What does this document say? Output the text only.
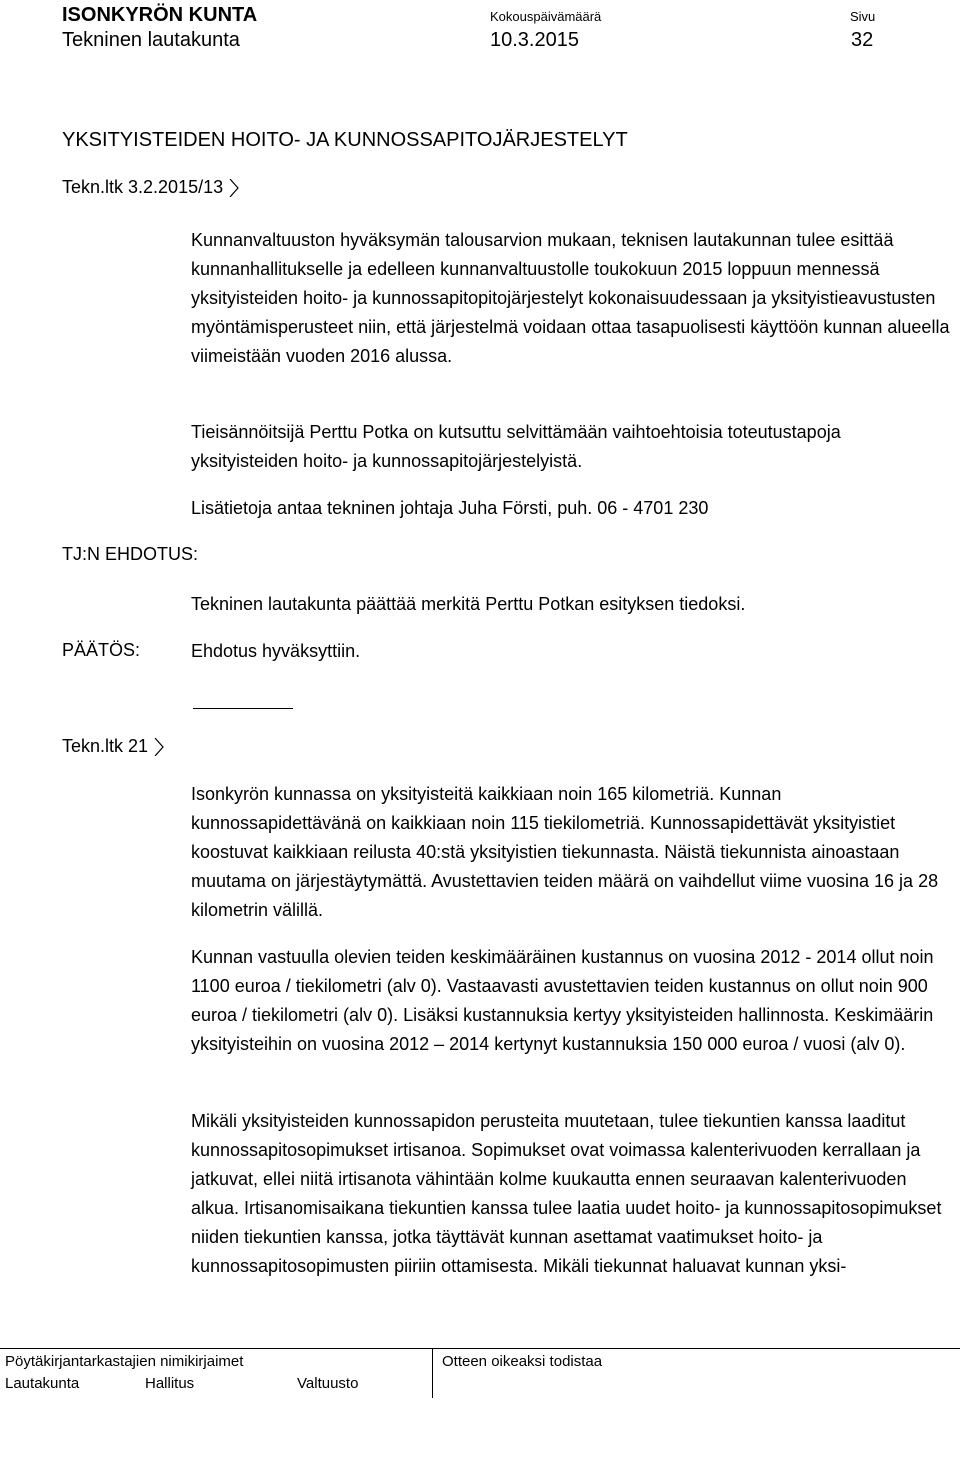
ISONKYRÖN KUNTA
Tekninen lautakunta
Kokouspäivämäärä
10.3.2015
Sivu
32
YKSITYISTEIDEN HOITO- JA KUNNOSSAPITOJÄRJESTELYT
Tekn.ltk 3.2.2015/13

Kunnanvaltuuston hyväksymän talousarvion mukaan, teknisen lautakunnan tulee esittää kunnanhallitukselle ja edelleen kunnanvaltuustolle toukokuun 2015 loppuun mennessä yksityisteiden hoito- ja kunnossapitopitojärjestelyt kokonaisuudessaan ja yksityistieavustusten myöntämisperusteet niin, että järjestelmä voidaan ottaa tasapuolisesti käyttöön kunnan alueella viimeistään vuoden 2016 alussa.

Tieisännöitsijä Perttu Potka on kutsuttu selvittämään vaihtoehtoisia toteutustapoja yksityisteiden hoito- ja kunnossapitojärjestelyistä.

Lisätietoja antaa tekninen johtaja Juha Försti, puh. 06 - 4701 230

TJ:N EHDOTUS:

Tekninen lautakunta päättää merkitä Perttu Potkan esityksen tiedoksi.

PÄÄTÖS:	Ehdotus hyväksyttiin.

Tekn.ltk 21

Isonkyrön kunnassa on yksityisteitä kaikkiaan noin 165 kilometriä. Kunnan kunnossapidettävänä on kaikkiaan noin 115 tiekilometriä. Kunnossapidettävät yksityistiet koostuvat kaikkiaan reilusta 40:stä yksityistien tiekunnasta. Näistä tiekunnista ainoastaan muutama on järjestäytymättä. Avustettavien teiden määrä on vaihdellut viime vuosina 16 ja 28 kilometrin välillä.

Kunnan vastuulla olevien teiden keskimääräinen kustannus on vuosina 2012 - 2014 ollut noin 1100 euroa / tiekilometri (alv 0). Vastaavasti avustettavien teiden kustannus on ollut noin 900 euroa / tiekilometri (alv 0). Lisäksi kustannuksia kertyy yksityisteiden hallinnosta. Keskimäärin yksityisteihin on vuosina 2012 – 2014 kertynyt kustannuksia 150 000 euroa / vuosi (alv 0).

Mikäli yksityisteiden kunnossapidon perusteita muutetaan, tulee tiekuntien kanssa laaditut kunnossapitosopimukset irtisanoa. Sopimukset ovat voimassa kalenterivuoden kerrallaan ja jatkuvat, ellei niitä irtisanota vähintään kolme kuukautta ennen seuraavan kalenterivuoden alkua. Irtisanomisaikana tiekuntien kanssa tulee laatia uudet hoito- ja kunnossapitosopimukset niiden tiekuntien kanssa, jotka täyttävät kunnan asettamat vaatimukset hoito- ja kunnossapitosopimusten piiriin ottamisesta. Mikäli tiekunnat haluavat kunnan yksi-

Pöytäkirjantarkastajien nimikirjaimet
Lautakunta	Hallitus	Valtuusto
Otteen oikeaksi todistaa
